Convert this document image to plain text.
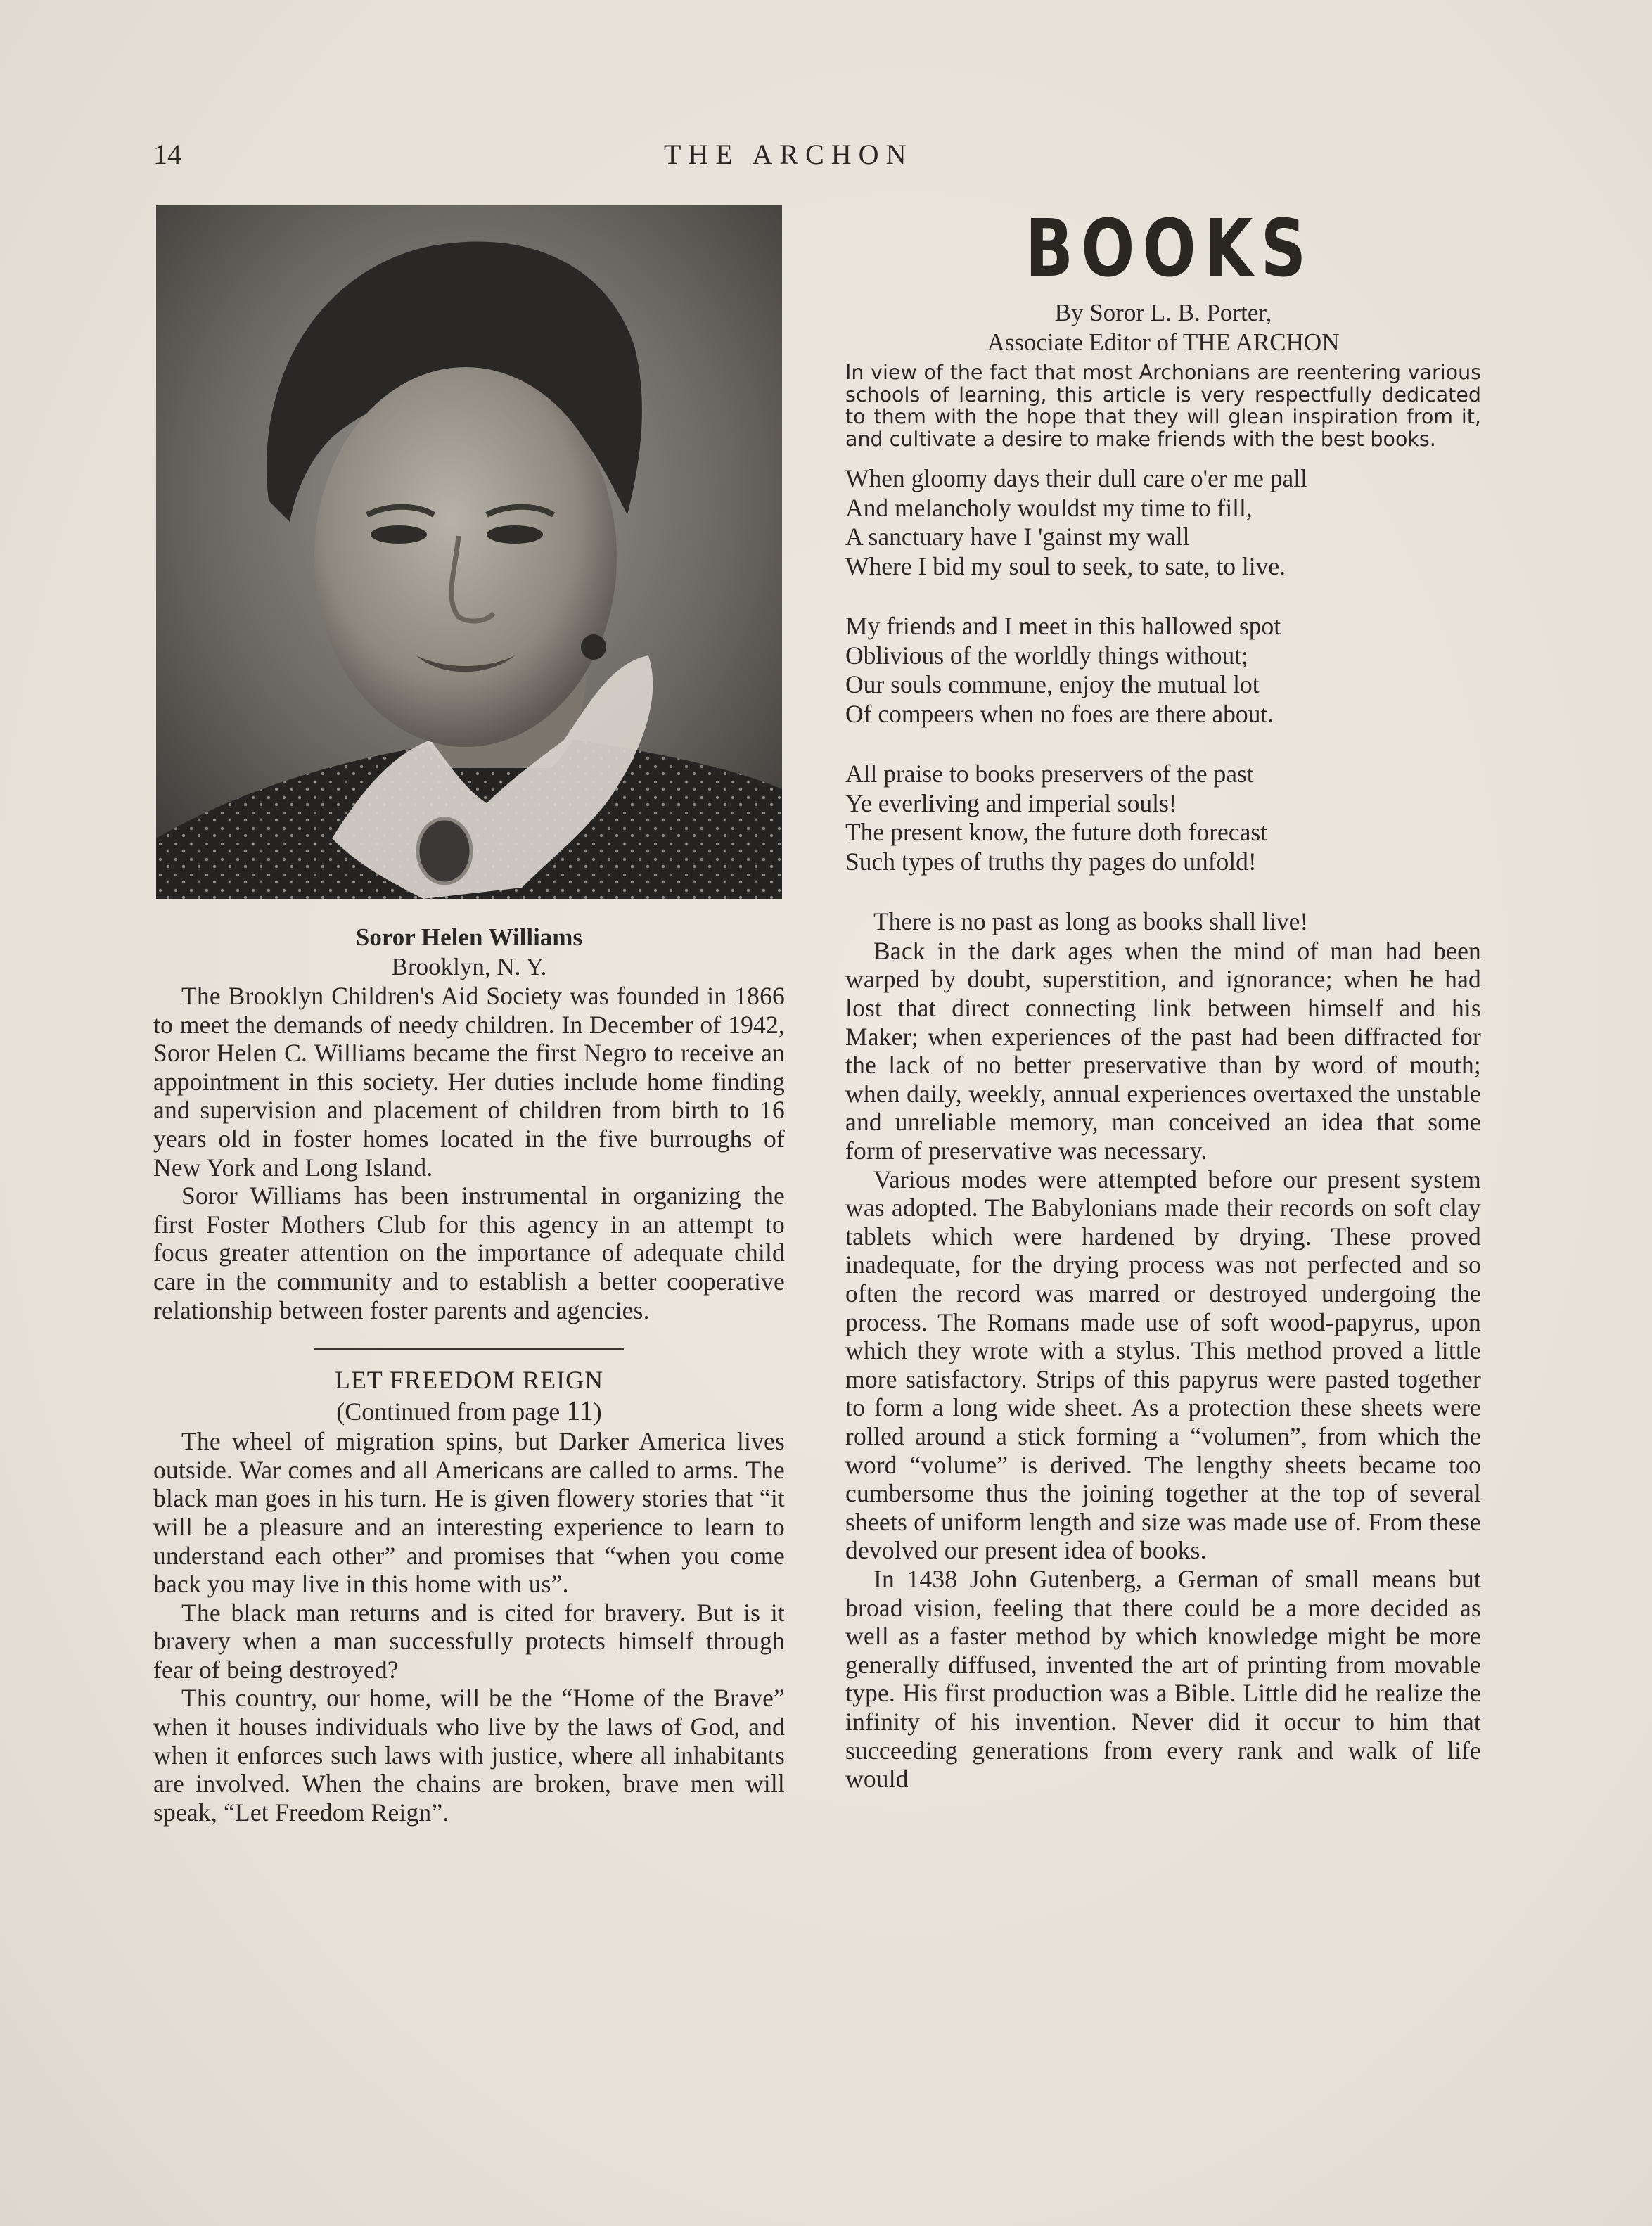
14	THE ARCHON
Soror Helen Williams
Brooklyn, N. Y.

The Brooklyn Children's Aid Society was founded in 1866 to meet the demands of needy children. In December of 1942, Soror Helen C. Williams became the first Negro to receive an appointment in this society. Her duties include home finding and supervision and placement of children from birth to 16 years old in foster homes located in the five burroughs of New York and Long Island.

Soror Williams has been instrumental in organizing the first Foster Mothers Club for this agency in an attempt to focus greater attention on the importance of adequate child care in the community and to establish a better cooperative relationship between foster parents and agencies.

LET FREEDOM REIGN
(Continued from page 11)

The wheel of migration spins, but Darker America lives outside. War comes and all Americans are called to arms. The black man goes in his turn. He is given flowery stories that “it will be a pleasure and an interesting experience to learn to understand each other” and promises that “when you come back you may live in this home with us”.

The black man returns and is cited for bravery. But is it bravery when a man successfully protects himself through fear of being destroyed?

This country, our home, will be the “Home of the Brave” when it houses individuals who live by the laws of God, and when it enforces such laws with justice, where all inhabitants are involved. When the chains are broken, brave men will speak, “Let Freedom Reign”.

BOOKS
By Soror L. B. Porter,
Associate Editor of THE ARCHON

In view of the fact that most Archonians are reentering various schools of learning, this article is very respectfully dedicated to them with the hope that they will glean inspiration from it, and cultivate a desire to make friends with the best books.

When gloomy days their dull care o'er me pall
And melancholy wouldst my time to fill,
A sanctuary have I 'gainst my wall
Where I bid my soul to seek, to sate, to live.
My friends and I meet in this hallowed spot
Oblivious of the worldly things without;
Our souls commune, enjoy the mutual lot
Of compeers when no foes are there about.
All praise to books preservers of the past
Ye everliving and imperial souls!
The present know, the future doth forecast
Such types of truths thy pages do unfold!
There is no past as long as books shall live!

Back in the dark ages when the mind of man had been warped by doubt, superstition, and ignorance; when he had lost that direct connecting link between himself and his Maker; when experiences of the past had been diffracted for the lack of no better preservative than by word of mouth; when daily, weekly, annual experiences overtaxed the unstable and unreliable memory, man conceived an idea that some form of preservative was necessary.

Various modes were attempted before our present system was adopted. The Babylonians made their records on soft clay tablets which were hardened by drying. These proved inadequate, for the drying process was not perfected and so often the record was marred or destroyed undergoing the process. The Romans made use of soft wood-papyrus, upon which they wrote with a stylus. This method proved a little more satisfactory. Strips of this papyrus were pasted together to form a long wide sheet. As a protection these sheets were rolled around a stick forming a “volumen”, from which the word “volume” is derived. The lengthy sheets became too cumbersome thus the joining together at the top of several sheets of uniform length and size was made use of. From these devolved our present idea of books.

In 1438 John Gutenberg, a German of small means but broad vision, feeling that there could be a more decided as well as a faster method by which knowledge might be more generally diffused, invented the art of printing from movable type. His first production was a Bible. Little did he realize the infinity of his invention. Never did it occur to him that succeeding generations from every rank and walk of life would
